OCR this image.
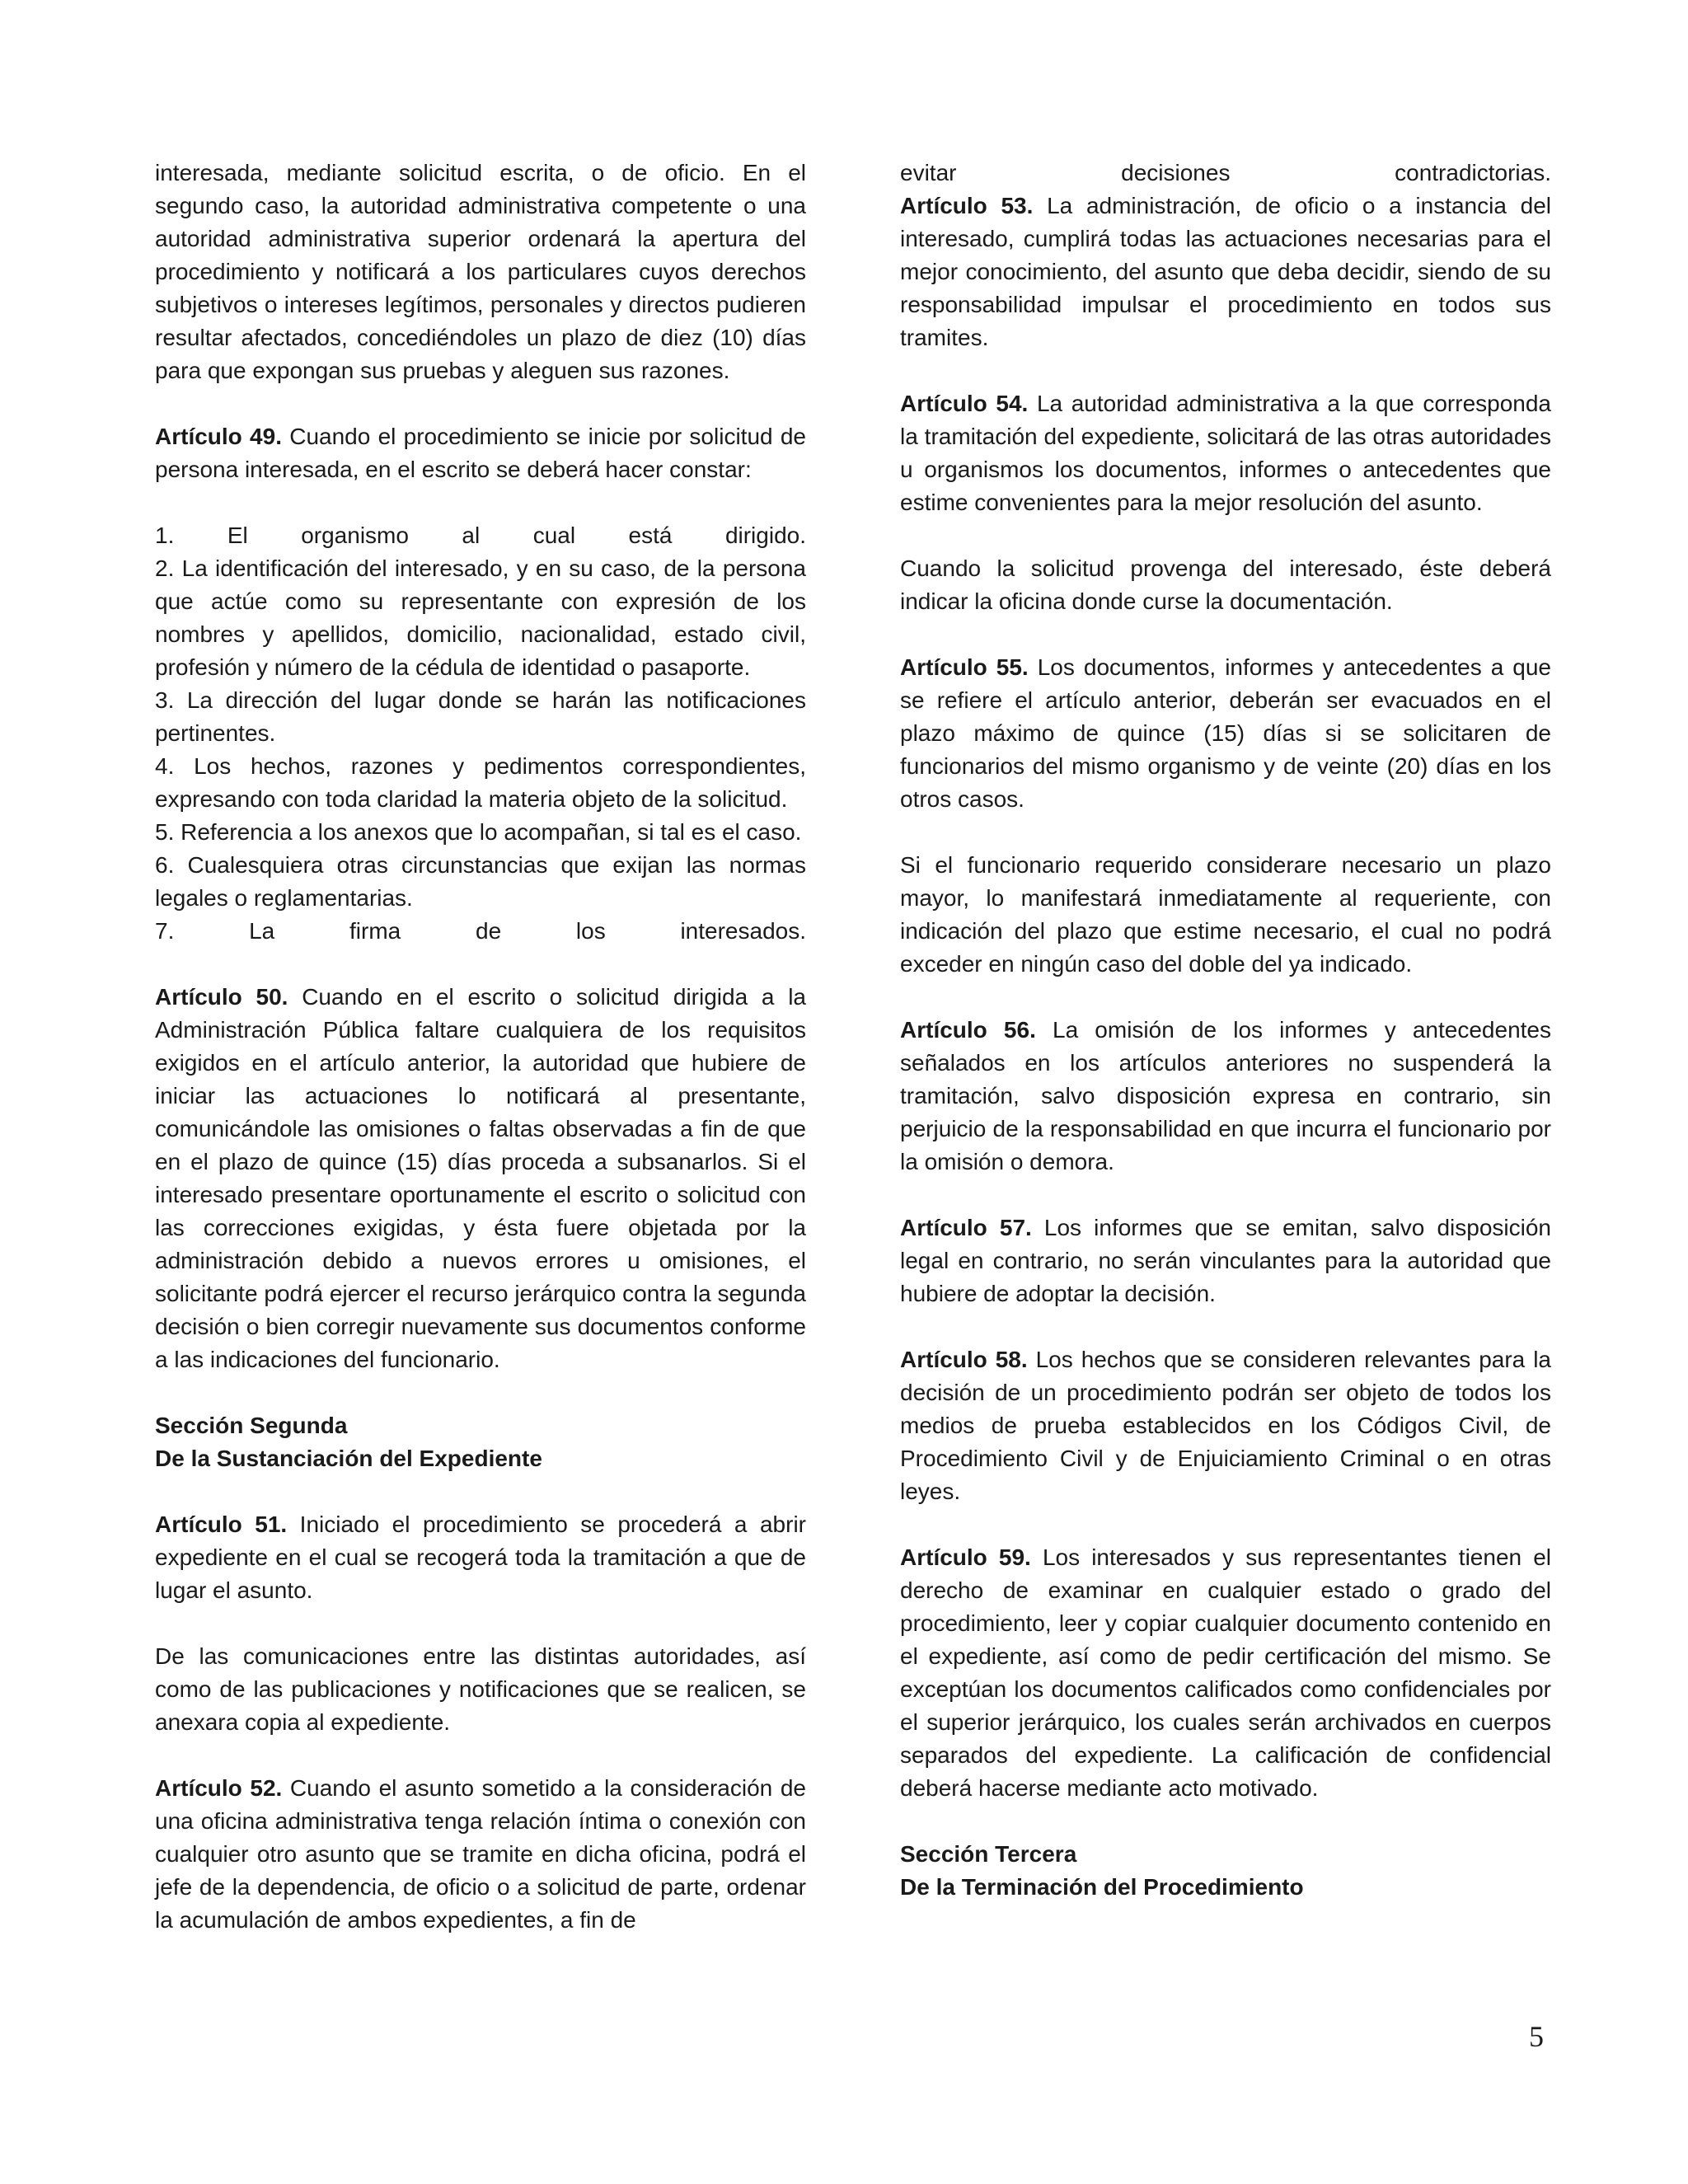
interesada, mediante solicitud escrita, o de oficio. En el segundo caso, la autoridad administrativa competente o una autoridad administrativa superior ordenará la apertura del procedimiento y notificará a los particulares cuyos derechos subjetivos o intereses legítimos, personales y directos pudieren resultar afectados, concediéndoles un plazo de diez (10) días para que expongan sus pruebas y aleguen sus razones.

Artículo 49. Cuando el procedimiento se inicie por solicitud de persona interesada, en el escrito se deberá hacer constar:

1. El organismo al cual está dirigido.

2. La identificación del interesado, y en su caso, de la persona que actúe como su representante con expresión de los nombres y apellidos, domicilio, nacionalidad, estado civil, profesión y número de la cédula de identidad o pasaporte.

3. La dirección del lugar donde se harán las notificaciones pertinentes.

4. Los hechos, razones y pedimentos correspondientes, expresando con toda claridad la materia objeto de la solicitud.

5. Referencia a los anexos que lo acompañan, si tal es el caso.

6. Cualesquiera otras circunstancias que exijan las normas legales o reglamentarias.

7. La firma de los interesados.

Artículo 50. Cuando en el escrito o solicitud dirigida a la Administración Pública faltare cualquiera de los requisitos exigidos en el artículo anterior, la autoridad que hubiere de iniciar las actuaciones lo notificará al presentante, comunicándole las omisiones o faltas observadas a fin de que en el plazo de quince (15) días proceda a subsanarlos. Si el interesado presentare oportunamente el escrito o solicitud con las correcciones exigidas, y ésta fuere objetada por la administración debido a nuevos errores u omisiones, el solicitante podrá ejercer el recurso jerárquico contra la segunda decisión o bien corregir nuevamente sus documentos conforme a las indicaciones del funcionario.

Sección Segunda
De la Sustanciación del Expediente

Artículo 51. Iniciado el procedimiento se procederá a abrir expediente en el cual se recogerá toda la tramitación a que de lugar el asunto.

De las comunicaciones entre las distintas autoridades, así como de las publicaciones y notificaciones que se realicen, se anexara copia al expediente.

Artículo 52. Cuando el asunto sometido a la consideración de una oficina administrativa tenga relación íntima o conexión con cualquier otro asunto que se tramite en dicha oficina, podrá el jefe de la dependencia, de oficio o a solicitud de parte, ordenar la acumulación de ambos expedientes, a fin de

evitar decisiones contradictorias.

Artículo 53. La administración, de oficio o a instancia del interesado, cumplirá todas las actuaciones necesarias para el mejor conocimiento, del asunto que deba decidir, siendo de su responsabilidad impulsar el procedimiento en todos sus tramites.

Artículo 54. La autoridad administrativa a la que corresponda la tramitación del expediente, solicitará de las otras autoridades u organismos los documentos, informes o antecedentes que estime convenientes para la mejor resolución del asunto.

Cuando la solicitud provenga del interesado, éste deberá indicar la oficina donde curse la documentación.

Artículo 55. Los documentos, informes y antecedentes a que se refiere el artículo anterior, deberán ser evacuados en el plazo máximo de quince (15) días si se solicitaren de funcionarios del mismo organismo y de veinte (20) días en los otros casos.

Si el funcionario requerido considerare necesario un plazo mayor, lo manifestará inmediatamente al requeriente, con indicación del plazo que estime necesario, el cual no podrá exceder en ningún caso del doble del ya indicado.

Artículo 56. La omisión de los informes y antecedentes señalados en los artículos anteriores no suspenderá la tramitación, salvo disposición expresa en contrario, sin perjuicio de la responsabilidad en que incurra el funcionario por la omisión o demora.

Artículo 57. Los informes que se emitan, salvo disposición legal en contrario, no serán vinculantes para la autoridad que hubiere de adoptar la decisión.

Artículo 58. Los hechos que se consideren relevantes para la decisión de un procedimiento podrán ser objeto de todos los medios de prueba establecidos en los Códigos Civil, de Procedimiento Civil y de Enjuiciamiento Criminal o en otras leyes.

Artículo 59. Los interesados y sus representantes tienen el derecho de examinar en cualquier estado o grado del procedimiento, leer y copiar cualquier documento contenido en el expediente, así como de pedir certificación del mismo. Se exceptúan los documentos calificados como confidenciales por el superior jerárquico, los cuales serán archivados en cuerpos separados del expediente. La calificación de confidencial deberá hacerse mediante acto motivado.

Sección Tercera
De la Terminación del Procedimiento

5
